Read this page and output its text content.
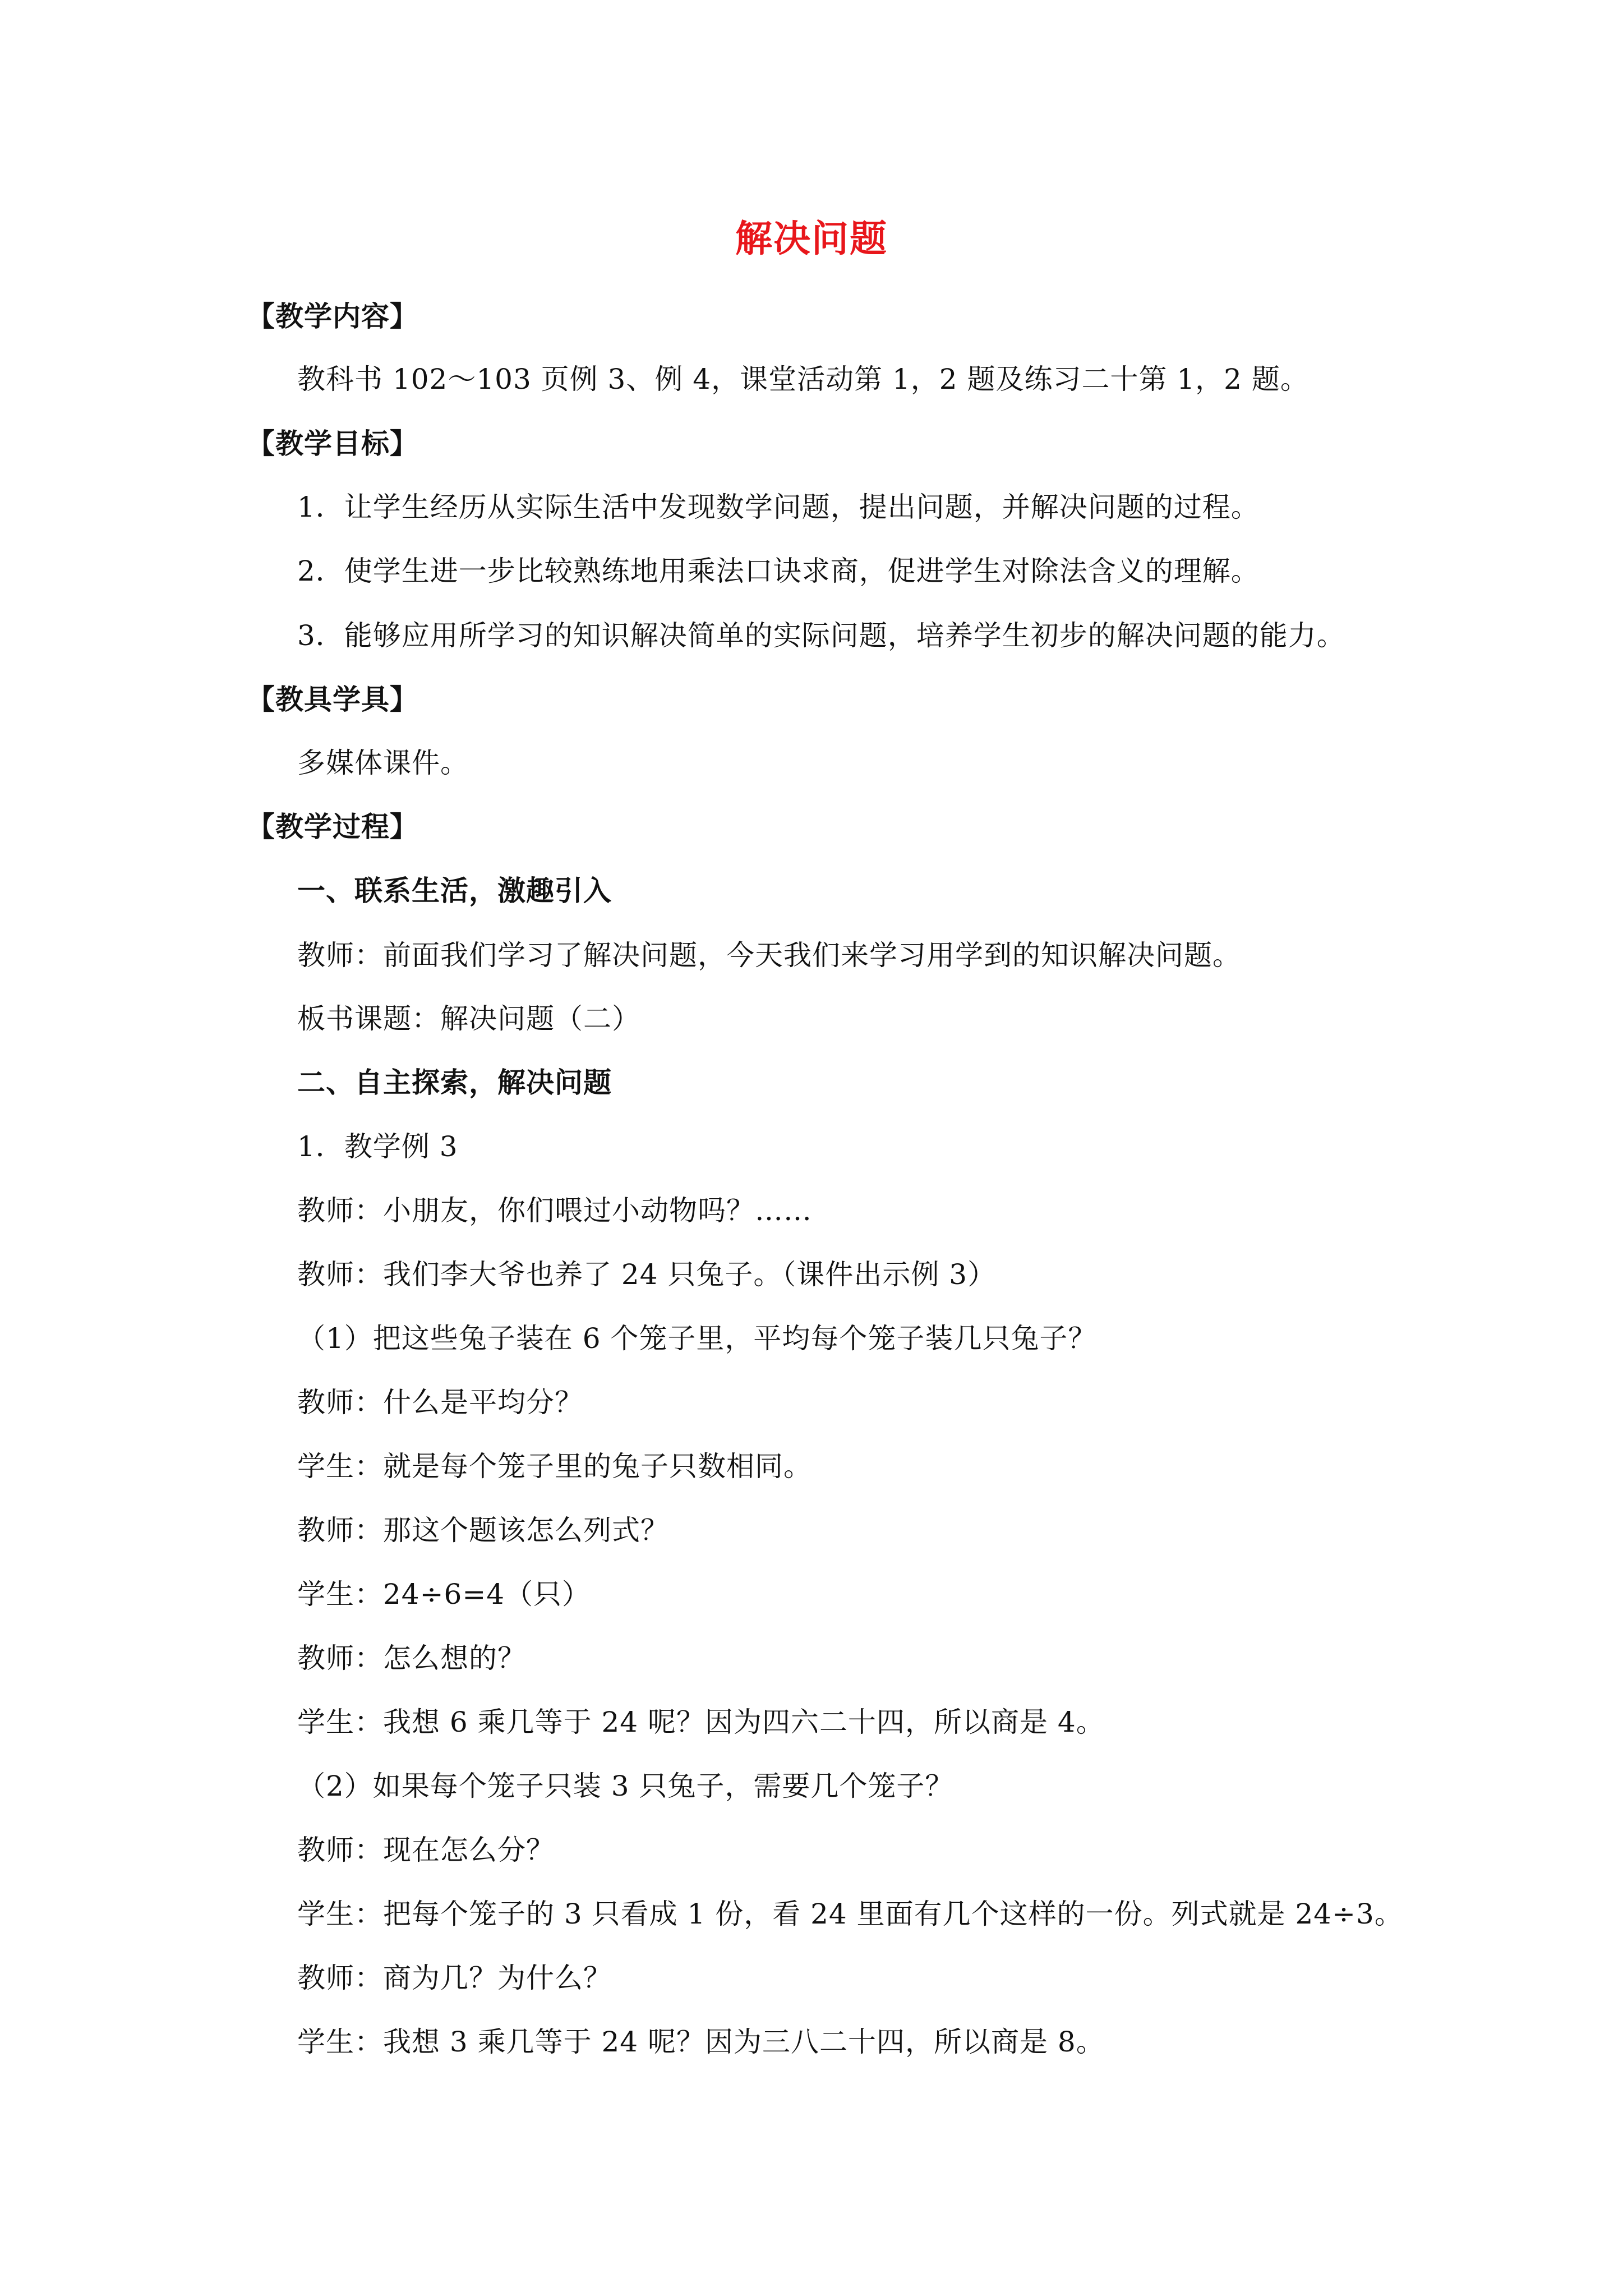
解决问题
【教学内容】
教科书 102～103 页例 3、例 4，课堂活动第 1，2 题及练习二十第 1，2 题。
【教学目标】
1．让学生经历从实际生活中发现数学问题，提出问题，并解决问题的过程。
2．使学生进一步比较熟练地用乘法口诀求商，促进学生对除法含义的理解。
3．能够应用所学习的知识解决简单的实际问题，培养学生初步的解决问题的能力。
【教具学具】
多媒体课件。
【教学过程】
一、联系生活，激趣引入
教师：前面我们学习了解决问题，今天我们来学习用学到的知识解决问题。
板书课题：解决问题（二）
二、自主探索，解决问题
1．教学例 3
教师：小朋友，你们喂过小动物吗？……
教师：我们李大爷也养了 24 只兔子。（课件出示例 3）
（1）把这些兔子装在 6 个笼子里，平均每个笼子装几只兔子？
教师：什么是平均分？
学生：就是每个笼子里的兔子只数相同。
教师：那这个题该怎么列式？
学生：24÷6=4（只）
教师：怎么想的？
学生：我想 6 乘几等于 24 呢？因为四六二十四，所以商是 4。
（2）如果每个笼子只装 3 只兔子，需要几个笼子？
教师：现在怎么分？
学生：把每个笼子的 3 只看成 1 份，看 24 里面有几个这样的一份。列式就是 24÷3。
教师：商为几？为什么？
学生：我想 3 乘几等于 24 呢？因为三八二十四，所以商是 8。
